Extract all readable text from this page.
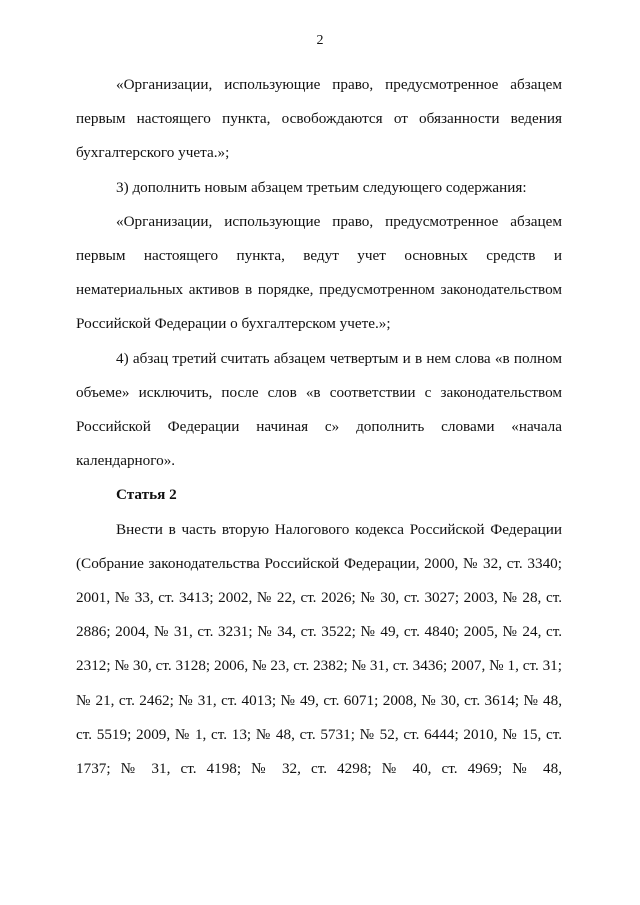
2

«Организации, использующие право, предусмотренное абзацем первым настоящего пункта, освобождаются от обязанности ведения бухгалтерского учета.»;

3) дополнить новым абзацем третьим следующего содержания:

«Организации, использующие право, предусмотренное абзацем первым настоящего пункта, ведут учет основных средств и нематериальных активов в порядке, предусмотренном законодательством Российской Федерации о бухгалтерском учете.»;

4) абзац третий считать абзацем четвертым и в нем слова «в полном объеме» исключить, после слов «в соответствии с законодательством Российской Федерации начиная с» дополнить словами «начала календарного».

Статья 2

Внести в часть вторую Налогового кодекса Российской Федерации (Собрание законодательства Российской Федерации, 2000, № 32, ст. 3340; 2001, № 33, ст. 3413; 2002, № 22, ст. 2026; № 30, ст. 3027; 2003, № 28, ст. 2886; 2004, № 31, ст. 3231; № 34, ст. 3522; № 49, ст. 4840; 2005, № 24, ст. 2312; № 30, ст. 3128; 2006, № 23, ст. 2382; № 31, ст. 3436; 2007, № 1, ст. 31; № 21, ст. 2462; № 31, ст. 4013; № 49, ст. 6071; 2008, № 30, ст. 3614; № 48, ст. 5519; 2009, № 1, ст. 13; № 48, ст. 5731; № 52, ст. 6444; 2010, № 15, ст. 1737; № 31, ст. 4198; № 32, ст. 4298; № 40, ст. 4969; № 48,
